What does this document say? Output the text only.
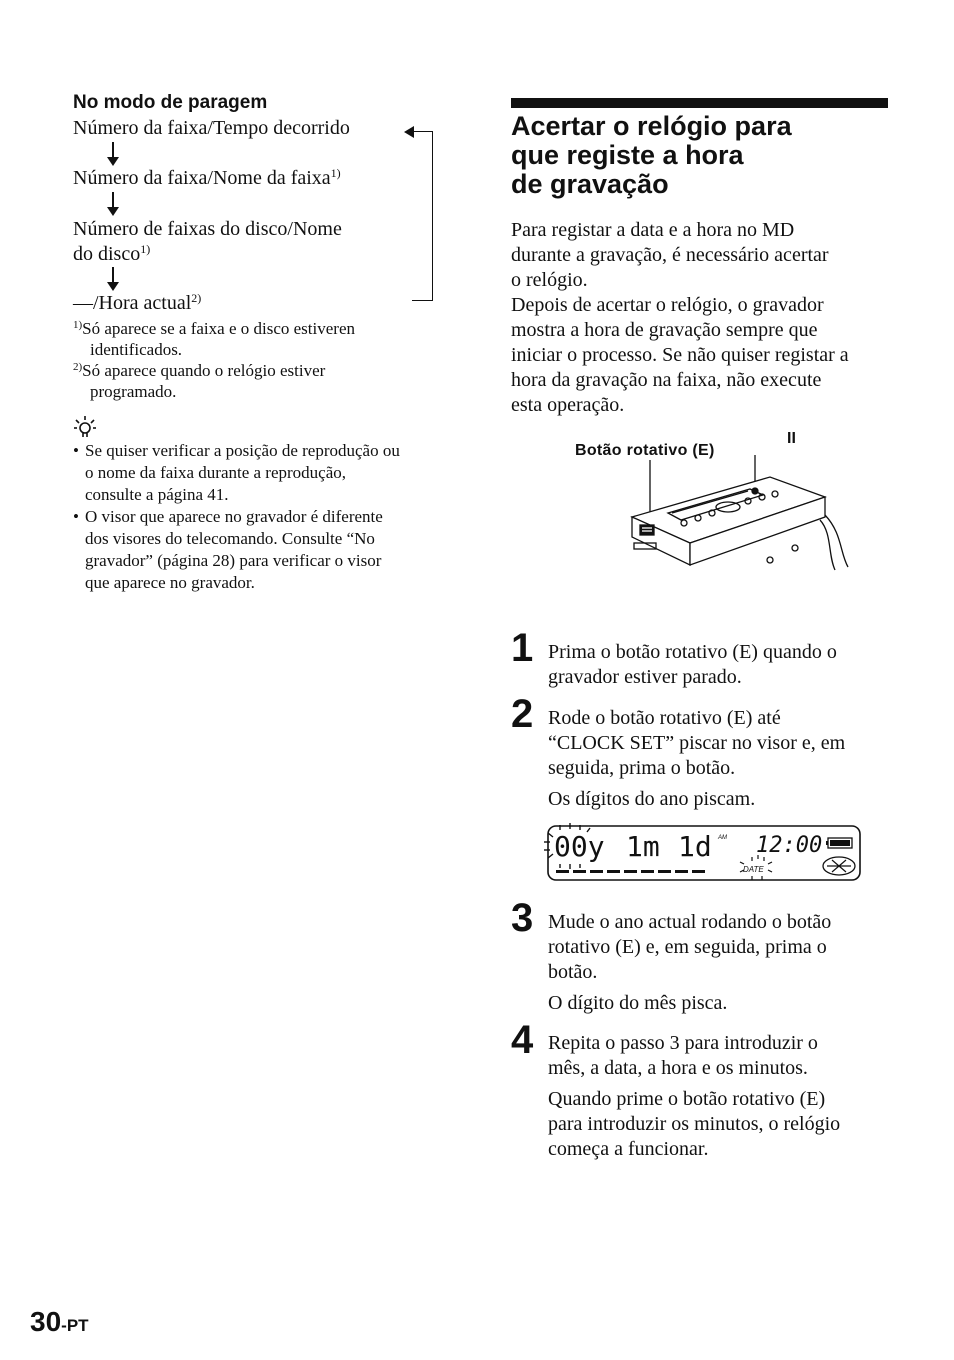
No modo de paragem
Número da faixa/Tempo decorrido
Número da faixa/Nome da faixa$^{1)}$
Número de faixas do disco/Nome
do disco$^{1)}$
—/Hora actual$^{2)}$
$^{1)}$Só aparece se a faixa e o disco estiveren
identificados.
$^{2)}$Só aparece quando o relógio estiver
programado.
• Se quiser verificar a posição de reprodução ou
o nome da faixa durante a reprodução,
consulte a página 41.
• O visor que aparece no gravador é diferente
dos visores do telecomando. Consulte “No
gravador” (página 28) para verificar o visor
que aparece no gravador.
Acertar o relógio para
que registe a hora
de gravação

Para registar a data e a hora no MD
durante a gravação, é necessário acertar
o relógio.

Depois de acertar o relógio, o gravador
mostra a hora de gravação sempre que
iniciar o processo. Se não quiser registar a
hora da gravação na faixa, não execute
esta operação.

Botão rotativo (E)
II
1 Prima o botão rotativo (E) quando o
gravador estiver parado.

2 Rode o botão rotativo (E) até
“CLOCK SET” piscar no visor e, em
seguida, prima o botão.

Os dígitos do ano piscam.

00y 1m 1d AM 12:00
DATE
3 Mude o ano actual rodando o botão
rotativo (E) e, em seguida, prima o
botão.

O dígito do mês pisca.

4 Repita o passo 3 para introduzir o
mês, a data, a hora e os minutos.

Quando prime o botão rotativo (E)
para introduzir os minutos, o relógio
começa a funcionar.

30-PT
